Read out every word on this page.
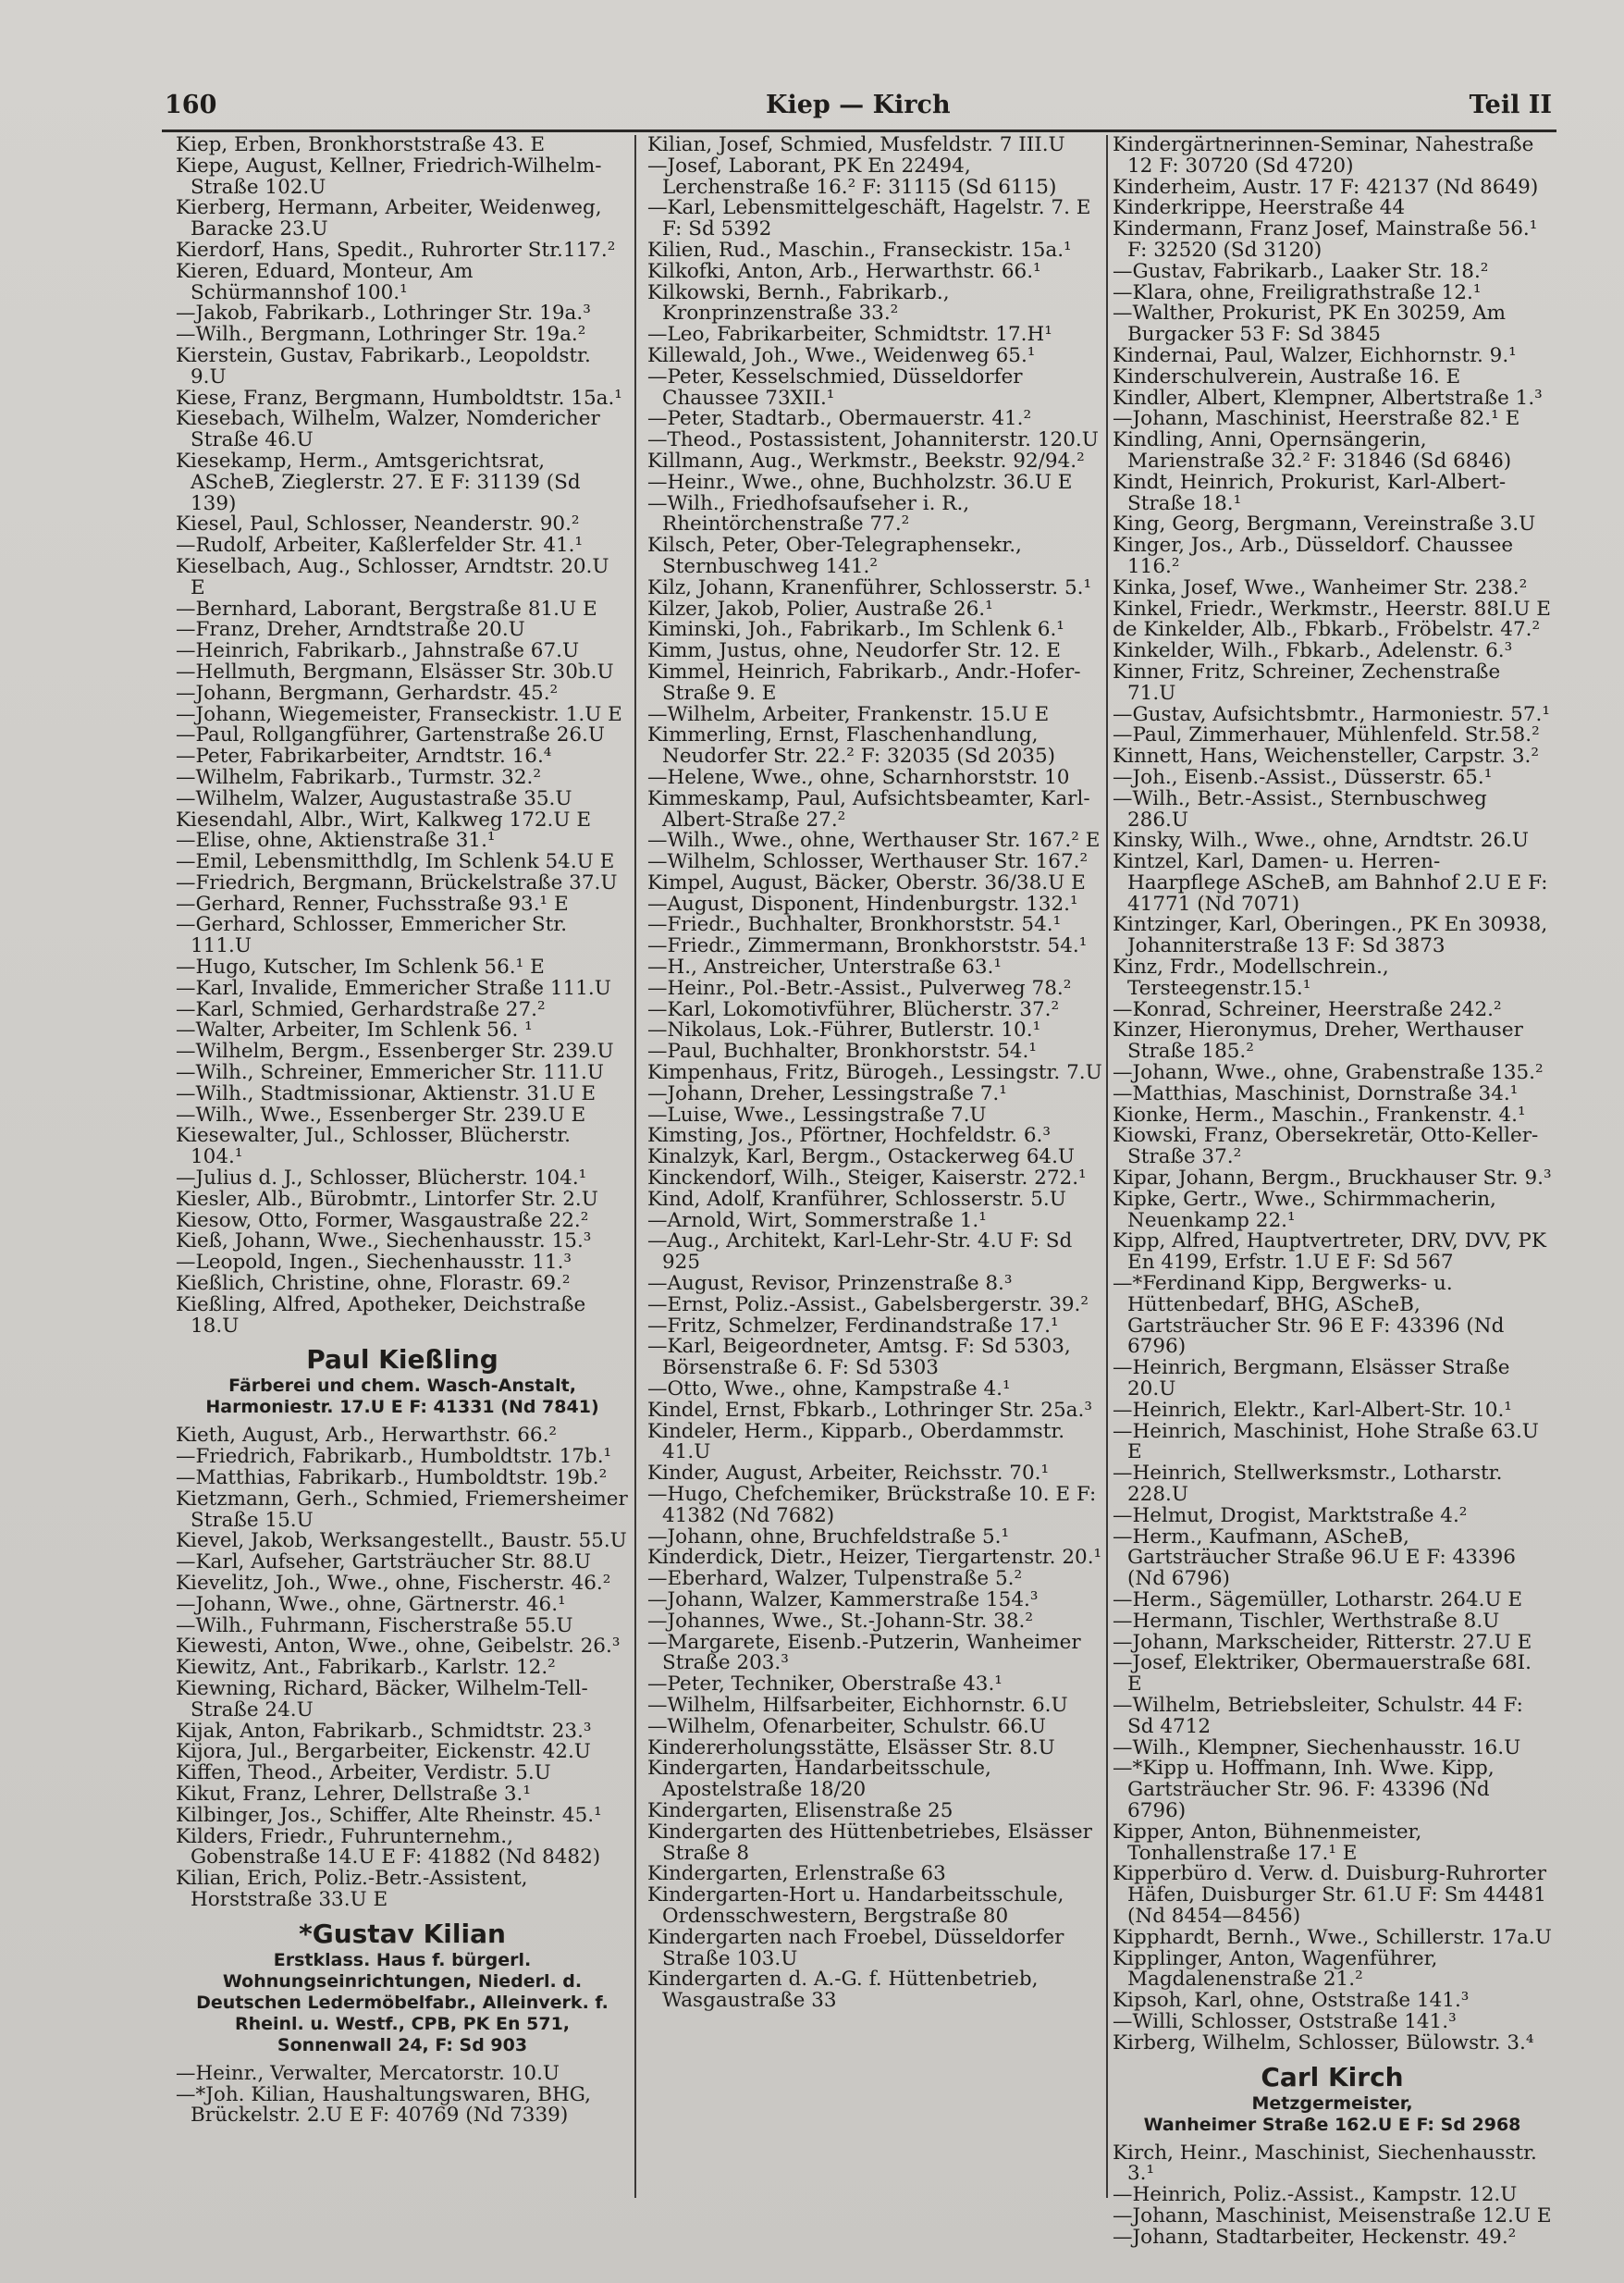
160	Kiep — Kirch	Teil II

Kiep, Erben, Bronkhorststraße 43. E

Kiepe, August, Kellner, Friedrich-Wilhelm-Straße 102.U

Kierberg, Hermann, Arbeiter, Weidenweg, Baracke 23.U

Kierdorf, Hans, Spedit., Ruhrorter Str.117.²

Kieren, Eduard, Monteur, Am Schürmannshof 100.¹

—Jakob, Fabrikarb., Lothringer Str. 19a.³

—Wilh., Bergmann, Lothringer Str. 19a.²

Kierstein, Gustav, Fabrikarb., Leopoldstr. 9.U

Kiese, Franz, Bergmann, Humboldtstr. 15a.¹

Kiesebach, Wilhelm, Walzer, Nomdericher Straße 46.U

Kiesekamp, Herm., Amtsgerichtsrat, AScheB, Zieglerstr. 27. E F: 31139 (Sd 139)

Kiesel, Paul, Schlosser, Neanderstr. 90.²

—Rudolf, Arbeiter, Kaßlerfelder Str. 41.¹

Kieselbach, Aug., Schlosser, Arndtstr. 20.U E

—Bernhard, Laborant, Bergstraße 81.U E

—Franz, Dreher, Arndtstraße 20.U

—Heinrich, Fabrikarb., Jahnstraße 67.U

—Hellmuth, Bergmann, Elsässer Str. 30b.U

—Johann, Bergmann, Gerhardstr. 45.²

—Johann, Wiegemeister, Franseckistr. 1.U E

—Paul, Rollgangführer, Gartenstraße 26.U

—Peter, Fabrikarbeiter, Arndtstr. 16.⁴

—Wilhelm, Fabrikarb., Turmstr. 32.²

—Wilhelm, Walzer, Augustastraße 35.U

Kiesendahl, Albr., Wirt, Kalkweg 172.U E

—Elise, ohne, Aktienstraße 31.¹

—Emil, Lebensmitthdlg, Im Schlenk 54.U E

—Friedrich, Bergmann, Brückelstraße 37.U

—Gerhard, Renner, Fuchsstraße 93.¹ E

—Gerhard, Schlosser, Emmericher Str. 111.U

—Hugo, Kutscher, Im Schlenk 56.¹ E

—Karl, Invalide, Emmericher Straße 111.U

—Karl, Schmied, Gerhardstraße 27.²

—Walter, Arbeiter, Im Schlenk 56. ¹

—Wilhelm, Bergm., Essenberger Str. 239.U

—Wilh., Schreiner, Emmericher Str. 111.U

—Wilh., Stadtmissionar, Aktienstr. 31.U E

—Wilh., Wwe., Essenberger Str. 239.U E

Kiesewalter, Jul., Schlosser, Blücherstr. 104.¹

—Julius d. J., Schlosser, Blücherstr. 104.¹

Kiesler, Alb., Bürobmtr., Lintorfer Str. 2.U

Kiesow, Otto, Former, Wasgaustraße 22.²

Kieß, Johann, Wwe., Siechenhausstr. 15.³

—Leopold, Ingen., Siechenhausstr. 11.³

Kießlich, Christine, ohne, Florastr. 69.²

Kießling, Alfred, Apotheker, Deichstraße 18.U

Paul Kießling
Färberei und chem. Wasch-Anstalt, Harmoniestr. 17.U E F: 41331 (Nd 7841)

Kieth, August, Arb., Herwarthstr. 66.²

—Friedrich, Fabrikarb., Humboldtstr. 17b.¹

—Matthias, Fabrikarb., Humboldtstr. 19b.²

Kietzmann, Gerh., Schmied, Friemersheimer Straße 15.U

Kievel, Jakob, Werksangestellt., Baustr. 55.U

—Karl, Aufseher, Gartsträucher Str. 88.U

Kievelitz, Joh., Wwe., ohne, Fischerstr. 46.²

—Johann, Wwe., ohne, Gärtnerstr. 46.¹

—Wilh., Fuhrmann, Fischerstraße 55.U

Kiewesti, Anton, Wwe., ohne, Geibelstr. 26.³

Kiewitz, Ant., Fabrikarb., Karlstr. 12.²

Kiewning, Richard, Bäcker, Wilhelm-Tell-Straße 24.U

Kijak, Anton, Fabrikarb., Schmidtstr. 23.³

Kijora, Jul., Bergarbeiter, Eickenstr. 42.U

Kiffen, Theod., Arbeiter, Verdistr. 5.U

Kikut, Franz, Lehrer, Dellstraße 3.¹

Kilbinger, Jos., Schiffer, Alte Rheinstr. 45.¹

Kilders, Friedr., Fuhrunternehm., Gobenstraße 14.U E F: 41882 (Nd 8482)

Kilian, Erich, Poliz.-Betr.-Assistent, Horststraße 33.U E

*Gustav Kilian
Erstklass. Haus f. bürgerl. Wohnungseinrichtungen, Niederl. d. Deutschen Ledermöbelfabr., Alleinverk. f. Rheinl. u. Westf., CPB, PK En 571, Sonnenwall 24, F: Sd 903

—Heinr., Verwalter, Mercatorstr. 10.U

—*Joh. Kilian, Haushaltungswaren, BHG, Brückelstr. 2.U E F: 40769 (Nd 7339)

Kilian, Josef, Schmied, Musfeldstr. 7 III.U

—Josef, Laborant, PK En 22494, Lerchenstraße 16.² F: 31115 (Sd 6115)

—Karl, Lebensmittelgeschäft, Hagelstr. 7. E F: Sd 5392

Kilien, Rud., Maschin., Franseckistr. 15a.¹

Kilkofki, Anton, Arb., Herwarthstr. 66.¹

Kilkowski, Bernh., Fabrikarb., Kronprinzenstraße 33.²

—Leo, Fabrikarbeiter, Schmidtstr. 17.H¹

Killewald, Joh., Wwe., Weidenweg 65.¹

—Peter, Kesselschmied, Düsseldorfer Chaussee 73XII.¹

—Peter, Stadtarb., Obermauerstr. 41.²

—Theod., Postassistent, Johanniterstr. 120.U

Killmann, Aug., Werkmstr., Beekstr. 92/94.²

—Heinr., Wwe., ohne, Buchholzstr. 36.U E

—Wilh., Friedhofsaufseher i. R., Rheintörchenstraße 77.²

Kilsch, Peter, Ober-Telegraphensekr., Sternbuschweg 141.²

Kilz, Johann, Kranenführer, Schlosserstr. 5.¹

Kilzer, Jakob, Polier, Austraße 26.¹

Kiminski, Joh., Fabrikarb., Im Schlenk 6.¹

Kimm, Justus, ohne, Neudorfer Str. 12. E

Kimmel, Heinrich, Fabrikarb., Andr.-Hofer-Straße 9. E

—Wilhelm, Arbeiter, Frankenstr. 15.U E

Kimmerling, Ernst, Flaschenhandlung, Neudorfer Str. 22.² F: 32035 (Sd 2035)

—Helene, Wwe., ohne, Scharnhorststr. 10

Kimmeskamp, Paul, Aufsichtsbeamter, Karl-Albert-Straße 27.²

—Wilh., Wwe., ohne, Werthauser Str. 167.² E

—Wilhelm, Schlosser, Werthauser Str. 167.²

Kimpel, August, Bäcker, Oberstr. 36/38.U E

—August, Disponent, Hindenburgstr. 132.¹

—Friedr., Buchhalter, Bronkhorststr. 54.¹

—Friedr., Zimmermann, Bronkhorststr. 54.¹

—H., Anstreicher, Unterstraße 63.¹

—Heinr., Pol.-Betr.-Assist., Pulverweg 78.²

—Karl, Lokomotivführer, Blücherstr. 37.²

—Nikolaus, Lok.-Führer, Butlerstr. 10.¹

—Paul, Buchhalter, Bronkhorststr. 54.¹

Kimpenhaus, Fritz, Bürogeh., Lessingstr. 7.U

—Johann, Dreher, Lessingstraße 7.¹

—Luise, Wwe., Lessingstraße 7.U

Kimsting, Jos., Pförtner, Hochfeldstr. 6.³

Kinalzyk, Karl, Bergm., Ostackerweg 64.U

Kinckendorf, Wilh., Steiger, Kaiserstr. 272.¹

Kind, Adolf, Kranführer, Schlosserstr. 5.U

—Arnold, Wirt, Sommerstraße 1.¹

—Aug., Architekt, Karl-Lehr-Str. 4.U F: Sd 925

—August, Revisor, Prinzenstraße 8.³

—Ernst, Poliz.-Assist., Gabelsbergerstr. 39.²

—Fritz, Schmelzer, Ferdinandstraße 17.¹

—Karl, Beigeordneter, Amtsg. F: Sd 5303, Börsenstraße 6. F: Sd 5303

—Otto, Wwe., ohne, Kampstraße 4.¹

Kindel, Ernst, Fbkarb., Lothringer Str. 25a.³

Kindeler, Herm., Kipparb., Oberdammstr. 41.U

Kinder, August, Arbeiter, Reichsstr. 70.¹

—Hugo, Chefchemiker, Brückstraße 10. E F: 41382 (Nd 7682)

—Johann, ohne, Bruchfeldstraße 5.¹

Kinderdick, Dietr., Heizer, Tiergartenstr. 20.¹

—Eberhard, Walzer, Tulpenstraße 5.²

—Johann, Walzer, Kammerstraße 154.³

—Johannes, Wwe., St.-Johann-Str. 38.²

—Margarete, Eisenb.-Putzerin, Wanheimer Straße 203.³

—Peter, Techniker, Oberstraße 43.¹

—Wilhelm, Hilfsarbeiter, Eichhornstr. 6.U

—Wilhelm, Ofenarbeiter, Schulstr. 66.U

Kindererholungsstätte, Elsässer Str. 8.U

Kindergarten, Handarbeitsschule, Apostelstraße 18/20

Kindergarten, Elisenstraße 25

Kindergarten des Hüttenbetriebes, Elsässer Straße 8

Kindergarten, Erlenstraße 63

Kindergarten-Hort u. Handarbeitsschule, Ordensschwestern, Bergstraße 80

Kindergarten nach Froebel, Düsseldorfer Straße 103.U

Kindergarten d. A.-G. f. Hüttenbetrieb, Wasgaustraße 33

Kindergärtnerinnen-Seminar, Nahestraße 12 F: 30720 (Sd 4720)

Kinderheim, Austr. 17 F: 42137 (Nd 8649)

Kinderkrippe, Heerstraße 44

Kindermann, Franz Josef, Mainstraße 56.¹ F: 32520 (Sd 3120)

—Gustav, Fabrikarb., Laaker Str. 18.²

—Klara, ohne, Freiligrathstraße 12.¹

—Walther, Prokurist, PK En 30259, Am Burgacker 53 F: Sd 3845

Kindernai, Paul, Walzer, Eichhornstr. 9.¹

Kinderschulverein, Austraße 16. E

Kindler, Albert, Klempner, Albertstraße 1.³

—Johann, Maschinist, Heerstraße 82.¹ E

Kindling, Anni, Opernsängerin, Marienstraße 32.² F: 31846 (Sd 6846)

Kindt, Heinrich, Prokurist, Karl-Albert-Straße 18.¹

King, Georg, Bergmann, Vereinstraße 3.U

Kinger, Jos., Arb., Düsseldorf. Chaussee 116.²

Kinka, Josef, Wwe., Wanheimer Str. 238.²

Kinkel, Friedr., Werkmstr., Heerstr. 88I.U E

de Kinkelder, Alb., Fbkarb., Fröbelstr. 47.²

Kinkelder, Wilh., Fbkarb., Adelenstr. 6.³

Kinner, Fritz, Schreiner, Zechenstraße 71.U

—Gustav, Aufsichtsbmtr., Harmoniestr. 57.¹

—Paul, Zimmerhauer, Mühlenfeld. Str.58.²

Kinnett, Hans, Weichensteller, Carpstr. 3.²

—Joh., Eisenb.-Assist., Düsserstr. 65.¹

—Wilh., Betr.-Assist., Sternbuschweg 286.U

Kinsky, Wilh., Wwe., ohne, Arndtstr. 26.U

Kintzel, Karl, Damen- u. Herren-Haarpflege AScheB, am Bahnhof 2.U E F: 41771 (Nd 7071)

Kintzinger, Karl, Oberingen., PK En 30938, Johanniterstraße 13 F: Sd 3873

Kinz, Frdr., Modellschrein., Tersteegenstr.15.¹

—Konrad, Schreiner, Heerstraße 242.²

Kinzer, Hieronymus, Dreher, Werthauser Straße 185.²

—Johann, Wwe., ohne, Grabenstraße 135.²

—Matthias, Maschinist, Dornstraße 34.¹

Kionke, Herm., Maschin., Frankenstr. 4.¹

Kiowski, Franz, Obersekretär, Otto-Keller-Straße 37.²

Kipar, Johann, Bergm., Bruckhauser Str. 9.³

Kipke, Gertr., Wwe., Schirmmacherin, Neuenkamp 22.¹

Kipp, Alfred, Hauptvertreter, DRV, DVV, PK En 4199, Erfstr. 1.U E F: Sd 567

—*Ferdinand Kipp, Bergwerks- u. Hüttenbedarf, BHG, AScheB, Gartsträucher Str. 96 E F: 43396 (Nd 6796)

—Heinrich, Bergmann, Elsässer Straße 20.U

—Heinrich, Elektr., Karl-Albert-Str. 10.¹

—Heinrich, Maschinist, Hohe Straße 63.U E

—Heinrich, Stellwerksmstr., Lotharstr. 228.U

—Helmut, Drogist, Marktstraße 4.²

—Herm., Kaufmann, AScheB, Gartsträucher Straße 96.U E F: 43396 (Nd 6796)

—Herm., Sägemüller, Lotharstr. 264.U E

—Hermann, Tischler, Werthstraße 8.U

—Johann, Markscheider, Ritterstr. 27.U E

—Josef, Elektriker, Obermauerstraße 68I. E

—Wilhelm, Betriebsleiter, Schulstr. 44 F: Sd 4712

—Wilh., Klempner, Siechenhausstr. 16.U

—*Kipp u. Hoffmann, Inh. Wwe. Kipp, Gartsträucher Str. 96. F: 43396 (Nd 6796)

Kipper, Anton, Bühnenmeister, Tonhallenstraße 17.¹ E

Kipperbüro d. Verw. d. Duisburg-Ruhrorter Häfen, Duisburger Str. 61.U F: Sm 44481 (Nd 8454—8456)

Kipphardt, Bernh., Wwe., Schillerstr. 17a.U

Kipplinger, Anton, Wagenführer, Magdalenenstraße 21.²

Kipsoh, Karl, ohne, Oststraße 141.³

—Willi, Schlosser, Oststraße 141.³

Kirberg, Wilhelm, Schlosser, Bülowstr. 3.⁴

Carl Kirch
Metzgermeister,
Wanheimer Straße 162.U E F: Sd 2968

Kirch, Heinr., Maschinist, Siechenhausstr. 3.¹

—Heinrich, Poliz.-Assist., Kampstr. 12.U

—Johann, Maschinist, Meisenstraße 12.U E

—Johann, Stadtarbeiter, Heckenstr. 49.²
